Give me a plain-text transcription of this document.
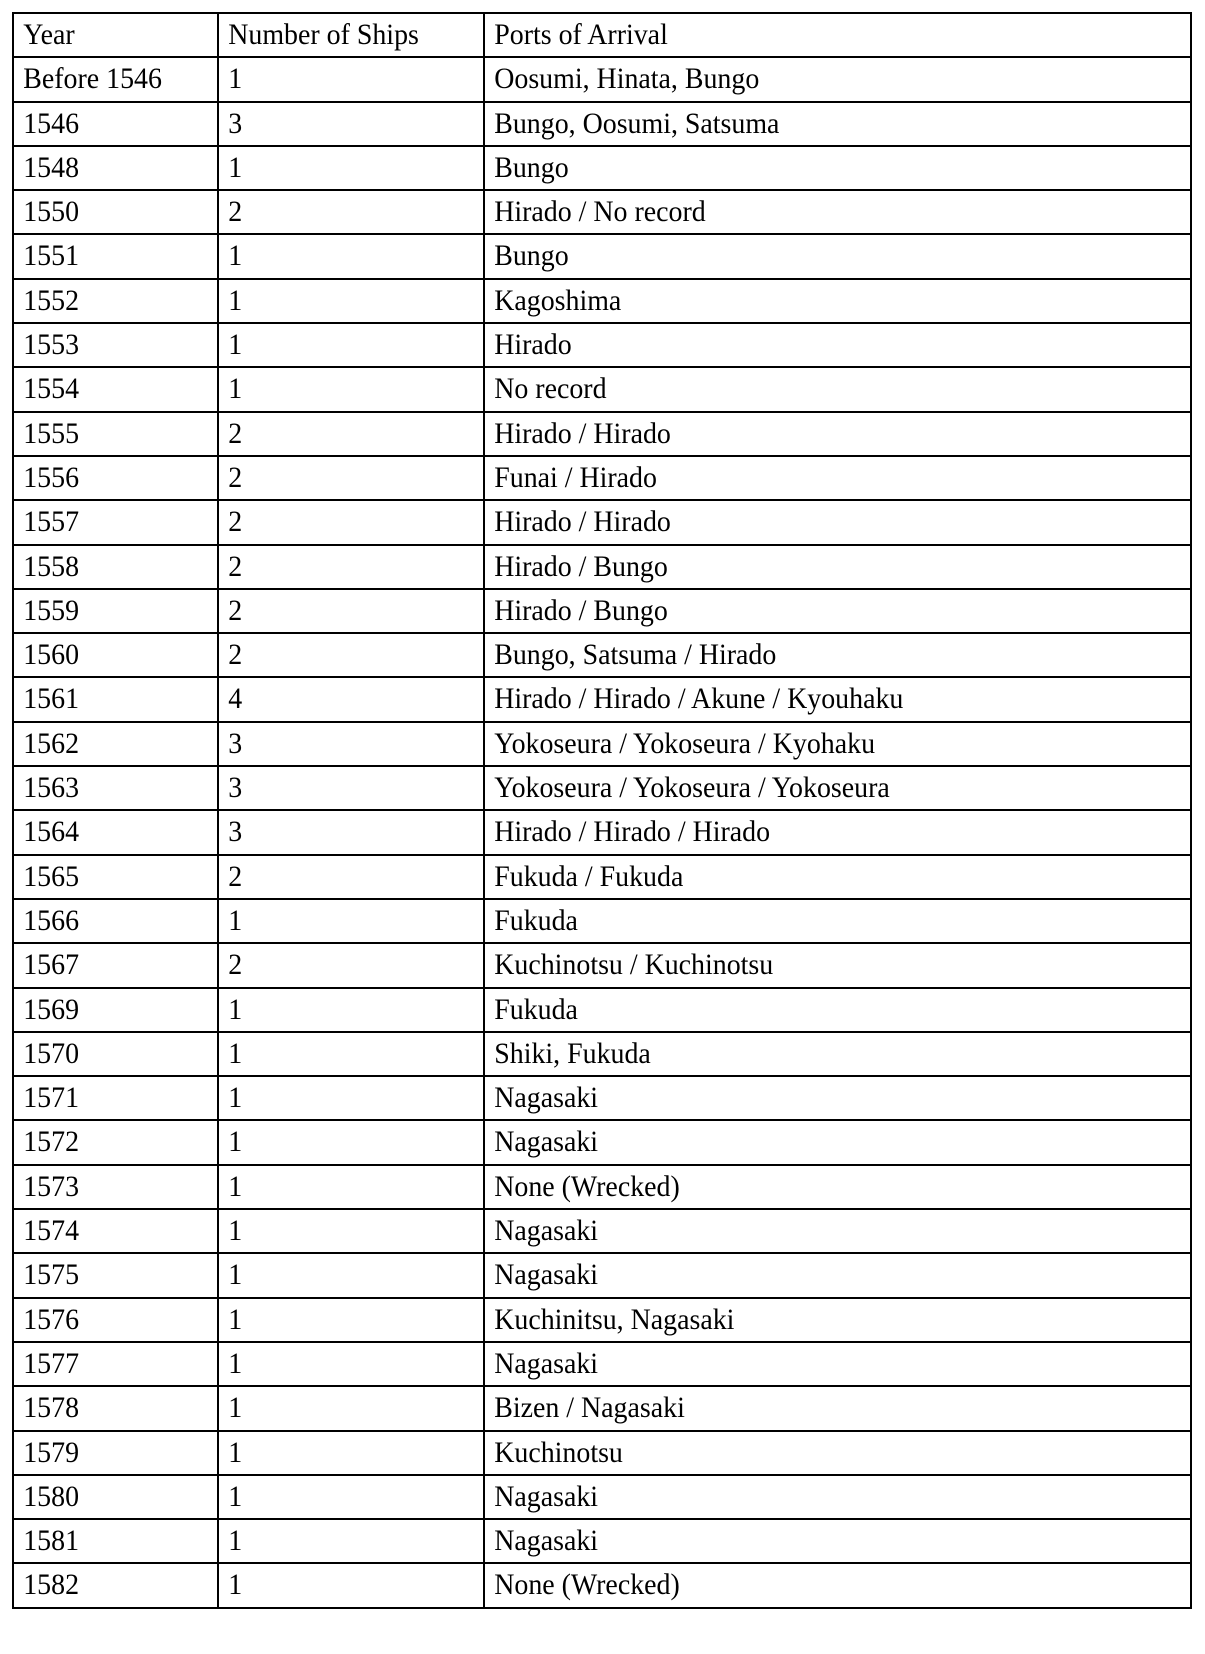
Year	Number of Ships	Ports of Arrival

Before 1546	1	Oosumi, Hinata, Bungo

1546	3	Bungo, Oosumi, Satsuma

1548	1	Bungo

1550	2	Hirado / No record

1551	1	Bungo

1552	1	Kagoshima

1553	1	Hirado

1554	1	No record

1555	2	Hirado / Hirado

1556	2	Funai / Hirado

1557	2	Hirado / Hirado

1558	2	Hirado / Bungo

1559	2	Hirado / Bungo

1560	2	Bungo, Satsuma / Hirado

1561	4	Hirado / Hirado / Akune / Kyouhaku

1562	3	Yokoseura / Yokoseura / Kyohaku

1563	3	Yokoseura / Yokoseura / Yokoseura

1564	3	Hirado / Hirado / Hirado

1565	2	Fukuda / Fukuda

1566	1	Fukuda

1567	2	Kuchinotsu / Kuchinotsu

1569	1	Fukuda

1570	1	Shiki, Fukuda

1571	1	Nagasaki

1572	1	Nagasaki

1573	1	None (Wrecked)

1574	1	Nagasaki

1575	1	Nagasaki

1576	1	Kuchinitsu, Nagasaki

1577	1	Nagasaki

1578	1	Bizen / Nagasaki

1579	1	Kuchinotsu

1580	1	Nagasaki

1581	1	Nagasaki

1582	1	None (Wrecked)
